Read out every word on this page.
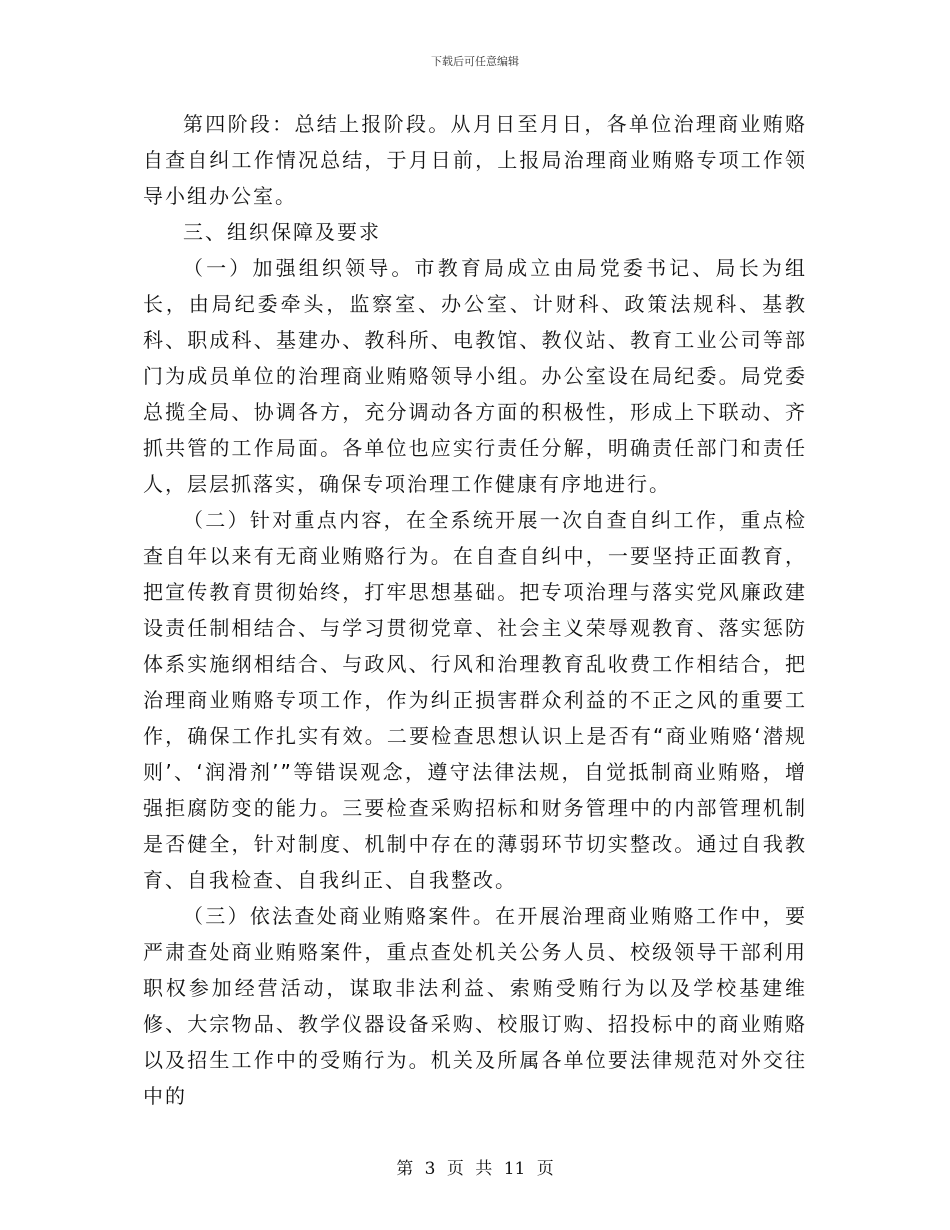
下载后可任意编辑

第四阶段：总结上报阶段。从月日至月日，各单位治理商业贿赂自查自纠工作情况总结，于月日前，上报局治理商业贿赂专项工作领导小组办公室。

三、组织保障及要求

（一）加强组织领导。市教育局成立由局党委书记、局长为组长，由局纪委牵头，监察室、办公室、计财科、政策法规科、基教科、职成科、基建办、教科所、电教馆、教仪站、教育工业公司等部门为成员单位的治理商业贿赂领导小组。办公室设在局纪委。局党委总揽全局、协调各方，充分调动各方面的积极性，形成上下联动、齐抓共管的工作局面。各单位也应实行责任分解，明确责任部门和责任人，层层抓落实，确保专项治理工作健康有序地进行。

（二）针对重点内容，在全系统开展一次自查自纠工作，重点检查自年以来有无商业贿赂行为。在自查自纠中，一要坚持正面教育，把宣传教育贯彻始终，打牢思想基础。把专项治理与落实党风廉政建设责任制相结合、与学习贯彻党章、社会主义荣辱观教育、落实惩防体系实施纲相结合、与政风、行风和治理教育乱收费工作相结合，把治理商业贿赂专项工作，作为纠正损害群众利益的不正之风的重要工作，确保工作扎实有效。二要检查思想认识上是否有“商业贿赂‘潜规则’、‘润滑剂’”等错误观念，遵守法律法规，自觉抵制商业贿赂，增强拒腐防变的能力。三要检查采购招标和财务管理中的内部管理机制是否健全，针对制度、机制中存在的薄弱环节切实整改。通过自我教育、自我检查、自我纠正、自我整改。

（三）依法查处商业贿赂案件。在开展治理商业贿赂工作中，要严肃查处商业贿赂案件，重点查处机关公务人员、校级领导干部利用职权参加经营活动，谋取非法利益、索贿受贿行为以及学校基建维修、大宗物品、教学仪器设备采购、校服订购、招投标中的商业贿赂以及招生工作中的受贿行为。机关及所属各单位要法律规范对外交往中的

第 3 页 共 11 页
